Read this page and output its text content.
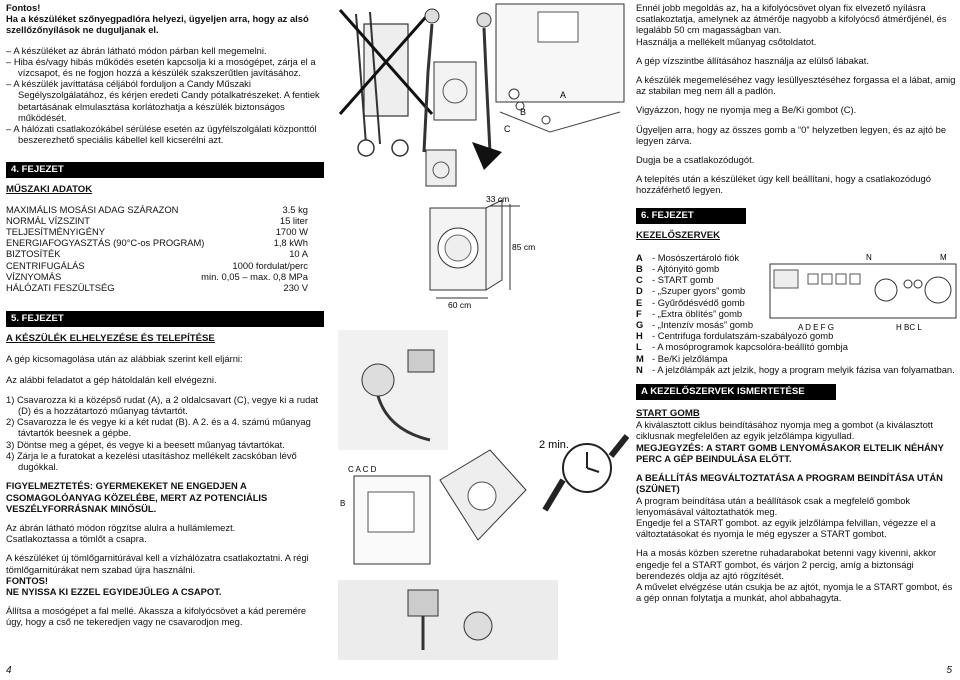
Fontos!

Ha a készüléket szőnyegpadlóra helyezi, ügyeljen arra, hogy az alsó szellőzőnyílások ne duguljanak el.

– A készüléket az ábrán látható módon párban kell megemelni.

– Hiba és/vagy hibás működés esetén kapcsolja ki a mosógépet, zárja el a vízcsapot, és ne fogjon hozzá a készülék szakszerűtlen javításához.

– A készülék javíttatása céljából forduljon a Candy Műszaki Segélyszolgálatához, és kérjen eredeti Candy pótalkatrészeket. A fentiek betartásának elmulasztása korlátozhatja a készülék biztonságos működését.

– A hálózati csatlakozókábel sérülése esetén az ügyfélszolgálati központtól beszerezhető speciális kábellel kell kicserélni azt.

4. FEJEZET

MŰSZAKI ADATOK

MAXIMÁLIS MOSÁSI ADAG SZÁRAZON	3.5 kg
NORMÁL VÍZSZINT	15 liter
TELJESÍTMÉNYIGÉNY	1700 W
ENERGIAFOGYASZTÁS (90°C-os PROGRAM)	1,8 kWh
BIZTOSÍTÉK	10 A
CENTRIFUGÁLÁS	1000 fordulat/perc
VÍZNYOMÁS	min. 0,05 – max. 0,8 MPa
HÁLÓZATI FESZÜLTSÉG	230 V
5. FEJEZET

A KÉSZÜLÉK ELHELYEZÉSE ÉS TELEPÍTÉSE

A gép kicsomagolása után az alábbiak szerint kell eljárni:

Az alábbi feladatot a gép hátoldalán kell elvégezni.

1) Csavarozza ki a középső rudat (A), a 2 oldalcsavart (C), vegye ki a rudat (D) és a hozzátartozó műanyag távtartót.

2) Csavarozza le és vegye ki a két rudat (B). A 2. és a 4. számú műanyag távtartók beesnek a gépbe.

3) Döntse meg a gépet, és vegye ki a beesett műanyag távtartókat.

4) Zárja le a furatokat a kezelési utasításhoz mellékelt zacskóban lévő dugókkal.

FIGYELMEZTETÉS: GYERMEKEKET NE ENGEDJEN A CSOMAGOLÓANYAG KÖZELÉBE, MERT AZ POTENCIÁLIS VESZÉLYFORRÁSNAK MINŐSÜL.

Az ábrán látható módon rögzítse alulra a hullámlemezt.

Csatlakoztassa a tömlőt a csapra.

A készüléket új tömlőgarnitúrával kell a vízhálózatra csatlakoztatni. A régi tömlőgarnitúrákat nem szabad újra használni.

FONTOS!

NE NYISSA KI EZZEL EGYIDEJŰLEG A CSAPOT.

Állítsa a mosógépet a fal mellé. Akassza a kifolyócsövet a kád peremére úgy, hogy a cső ne tekeredjen vagy ne csavarodjon meg.

4
A
B
C
33 cm
85 cm
60 cm
C A C D
B
2 min.

Ennél jobb megoldás az, ha a kifolyócsövet olyan fix elvezető nyílásra csatlakoztatja, amelynek az átmérője nagyobb a kifolyócső átmérőjénél, és legalább 50 cm magasságban van.

Használja a mellékelt műanyag csőtoldatot.

A gép vízszintbe állításához használja az elülső lábakat.

A készülék megemeléséhez vagy lesüllyesztéséhez forgassa el a lábat, amig az stabilan meg nem áll a padlón.

Vigyázzon, hogy ne nyomja meg a Be/Ki gombot (C).

Ügyeljen arra, hogy az összes gomb a “0” helyzetben legyen, és az ajtó be legyen zárva.

Dugja be a csatlakozódugót.

A telepítés után a készüléket úgy kell beállítani, hogy a csatlakozódugó hozzáférhető legyen.

6. FEJEZET

KEZELŐSZERVEK

A - Mosószertároló fiók
B - Ajtónyitó gomb
C - START gomb
D - „Szuper gyors” gomb
E	- Gyűrődésvédő gomb
F	- „Extra öblítés” gomb
G - „Intenzív mosás” gomb
H - Centrifuga fordulatszám-szabályozó gomb
L	- A mosóprogramok kapcsolóra-beállító gombja
M - Be/Ki jelzőlámpa
N - A jelzőlámpák azt jelzik, hogy a program melyik fázisa van folyamatban.
A KEZELŐSZERVEK ISMERTETÉSE

START GOMB

A kiválasztott ciklus beindításához nyomja meg a gombot (a kiválasztott ciklusnak megfelelően az egyik jelzőlámpa kigyullad.

MEGJEGYZÉS: A START GOMB LENYOMÁSAKOR ELTELIK NÉHÁNY PERC A GÉP BEINDULÁSA ELŐTT.

A BEÁLLÍTÁS MEGVÁLTOZTATÁSA A PROGRAM BEINDÍTÁSA UTÁN (SZÜNET)

A program beindítása után a beállítások csak a megfelelő gombok lenyomásával változtathatók meg.

Engedje fel a START gombot. az egyik jelzőlámpa felvillan, végezze el a változtatásokat és nyomja le még egyszer a START gombot.

Ha a mosás közben szeretne ruhadarabokat betenni vagy kivenni, akkor engedje fel a START gombot, és várjon 2 percig, amíg a biztonsági berendezés oldja az ajtó rögzítését.

A művelet elvégzése után csukja be az ajtót, nyomja le a START gombot, és a gép onnan folytatja a munkát, ahol abbahagyta.

5
N	M
A D E F G	H BC L
